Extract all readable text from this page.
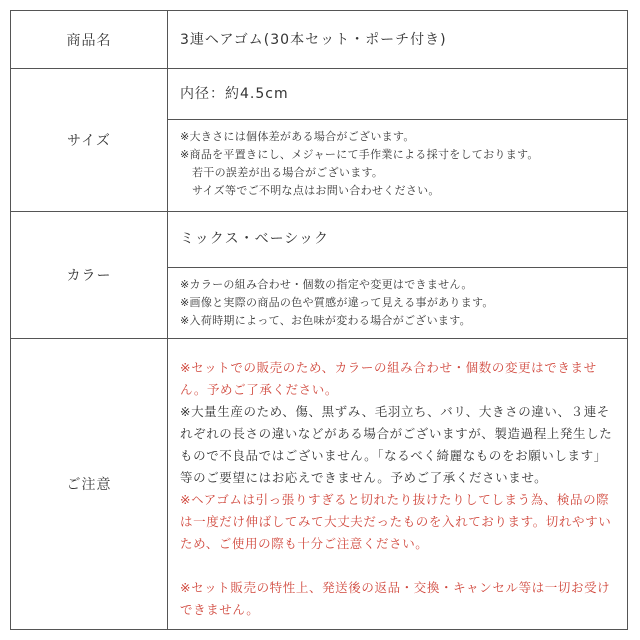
商品名	3連ヘアゴム(30本セット・ポーチ付き)
サイズ
内径：約4.5cm
※大きさには個体差がある場合がございます。
※商品を平置きにし、メジャーにて手作業による採寸をしております。
若干の誤差が出る場合がございます。
サイズ等でご不明な点はお問い合わせください。
カラー
ミックス・ベーシック
※カラーの組み合わせ・個数の指定や変更はできません。
※画像と実際の商品の色や質感が違って見える事があります。
※入荷時期によって、お色味が変わる場合がございます。
ご注意

※セットでの販売のため、カラーの組み合わせ・個数の変更はできません。予めご了承ください。

※大量生産のため、傷、黒ずみ、毛羽立ち、バリ、大きさの違い、３連それぞれの長さの違いなどがある場合がございますが、製造過程上発生したもので不良品ではございません。「なるべく綺麗なものをお願いします」等のご要望にはお応えできません。予めご了承くださいませ。

※ヘアゴムは引っ張りすぎると切れたり抜けたりしてしまう為、検品の際は一度だけ伸ばしてみて大丈夫だったものを入れております。切れやすいため、ご使用の際も十分ご注意ください。

※セット販売の特性上、発送後の返品・交換・キャンセル等は一切お受けできません。
